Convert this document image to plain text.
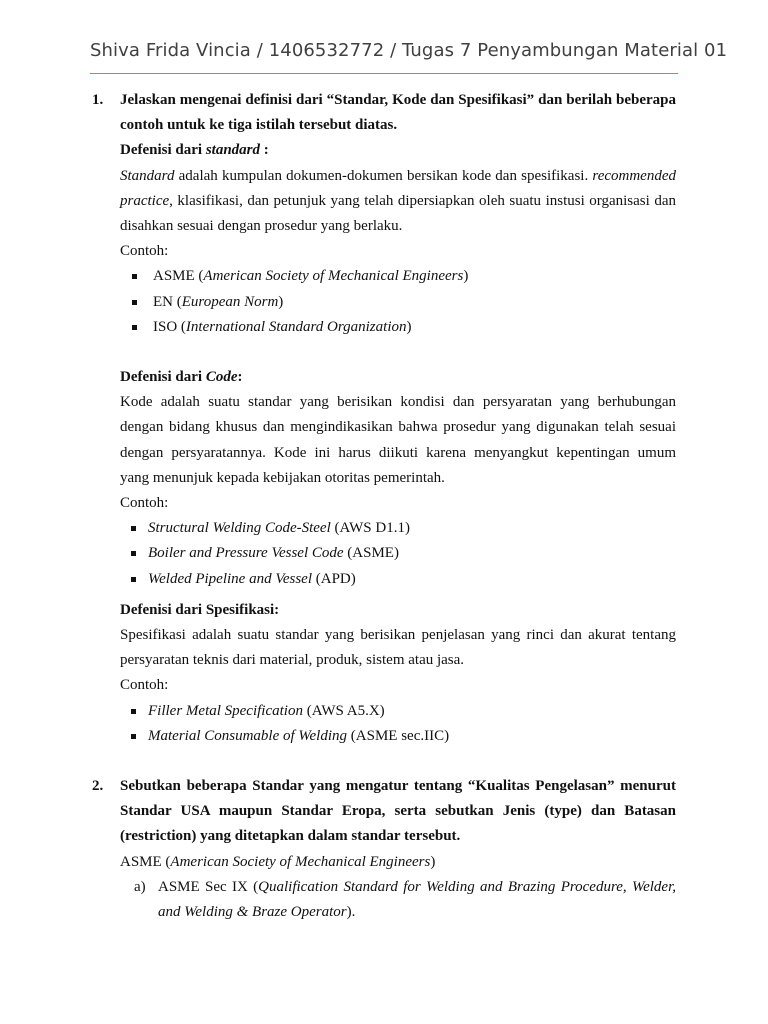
Shiva Frida Vincia / 1406532772 / Tugas 7 Penyambungan Material 01
1. Jelaskan mengenai definisi dari “Standar, Kode dan Spesifikasi” dan berilah beberapa contoh untuk ke tiga istilah tersebut diatas.
Defenisi dari standard :
Standard adalah kumpulan dokumen-dokumen bersikan kode dan spesifikasi. recommended practice, klasifikasi, dan petunjuk yang telah dipersiapkan oleh suatu instusi organisasi dan disahkan sesuai dengan prosedur yang berlaku.
Contoh:
ASME (American Society of Mechanical Engineers)
EN (European Norm)
ISO (International Standard Organization)
Defenisi dari Code:
Kode adalah suatu standar yang berisikan kondisi dan persyaratan yang berhubungan
dengan bidang khusus dan mengindikasikan bahwa prosedur yang digunakan telah sesuai
dengan persyaratannya. Kode ini harus diikuti karena menyangkut kepentingan umum
yang menunjuk kepada kebijakan otoritas pemerintah.
Contoh:
Structural Welding Code-Steel (AWS D1.1)
Boiler and Pressure Vessel Code (ASME)
Welded Pipeline and Vessel (APD)
Defenisi dari Spesifikasi:
Spesifikasi adalah suatu standar yang berisikan penjelasan yang rinci dan akurat tentang
persyaratan teknis dari material, produk, sistem atau jasa.
Contoh:
Filler Metal Specification (AWS A5.X)
Material Consumable of Welding (ASME sec.IIC)
2. Sebutkan beberapa Standar yang mengatur tentang “Kualitas Pengelasan” menurut Standar USA maupun Standar Eropa, serta sebutkan Jenis (type) dan Batasan (restriction) yang ditetapkan dalam standar tersebut.
ASME (American Society of Mechanical Engineers)
a) ASME Sec IX (Qualification Standard for Welding and Brazing Procedure, Welder, and Welding & Braze Operator).
